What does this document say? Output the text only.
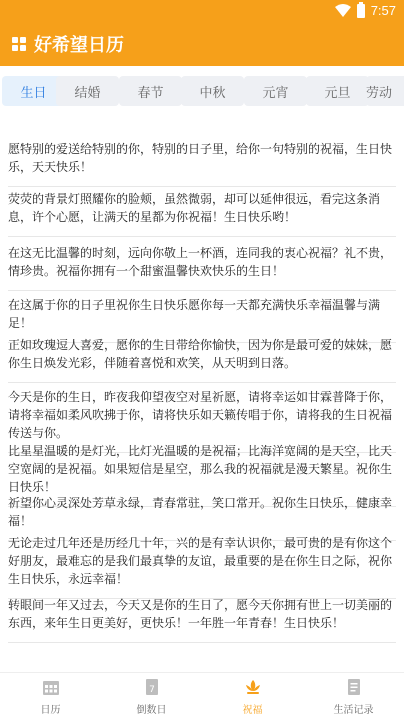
7:57
好希望日历
生日	结婚	春节	中秋	元宵	元旦	劳动
愿特别的爱送给特别的你，特别的日子里，给你一句特别的祝福，生日快乐，天天快乐！
荧荧的背景灯照耀你的脸颊，虽然微弱，却可以延伸很远，看完这条消息，许个心愿，让满天的星都为你祝福！生日快乐哟！
在这无比温馨的时刻，远向你敬上一杯酒，连同我的衷心祝福？礼不贵，情珍贵。祝福你拥有一个甜蜜温馨快欢快乐的生日！
在这属于你的日子里祝你生日快乐愿你每一天都充满快乐幸福温馨与满足！
正如玫瑰逗人喜爱，愿你的生日带给你愉快，因为你是最可爱的妹妹，愿你生日焕发光彩，伴随着喜悦和欢笑，从天明到日落。
今天是你的生日，昨夜我仰望夜空对星祈愿，请将幸运如甘霖普降于你，请将幸福如柔风吹拂于你，请将快乐如天籁传唱于你，请将我的生日祝福传送与你。
比星星温暖的是灯光，比灯光温暖的是祝福；比海洋宽阔的是天空，比天空宽阔的是祝福。如果短信是星空，那么我的祝福就是漫天繁星。祝你生日快乐！
祈望你心灵深处芳草永绿，青春常驻，笑口常开。祝你生日快乐，健康幸福！
无论走过几年还是历经几十年，兴的是有幸认识你，最可贵的是有你这个好朋友，最难忘的是我们最真挚的友谊，最重要的是在你生日之际，祝你生日快乐，永远幸福！
转眼间一年又过去，今天又是你的生日了，愿今天你拥有世上一切美丽的东西，来年生日更美好，更快乐！一年胜一年青春！生日快乐！
日历
7
倒数日	祝福	生活记录
